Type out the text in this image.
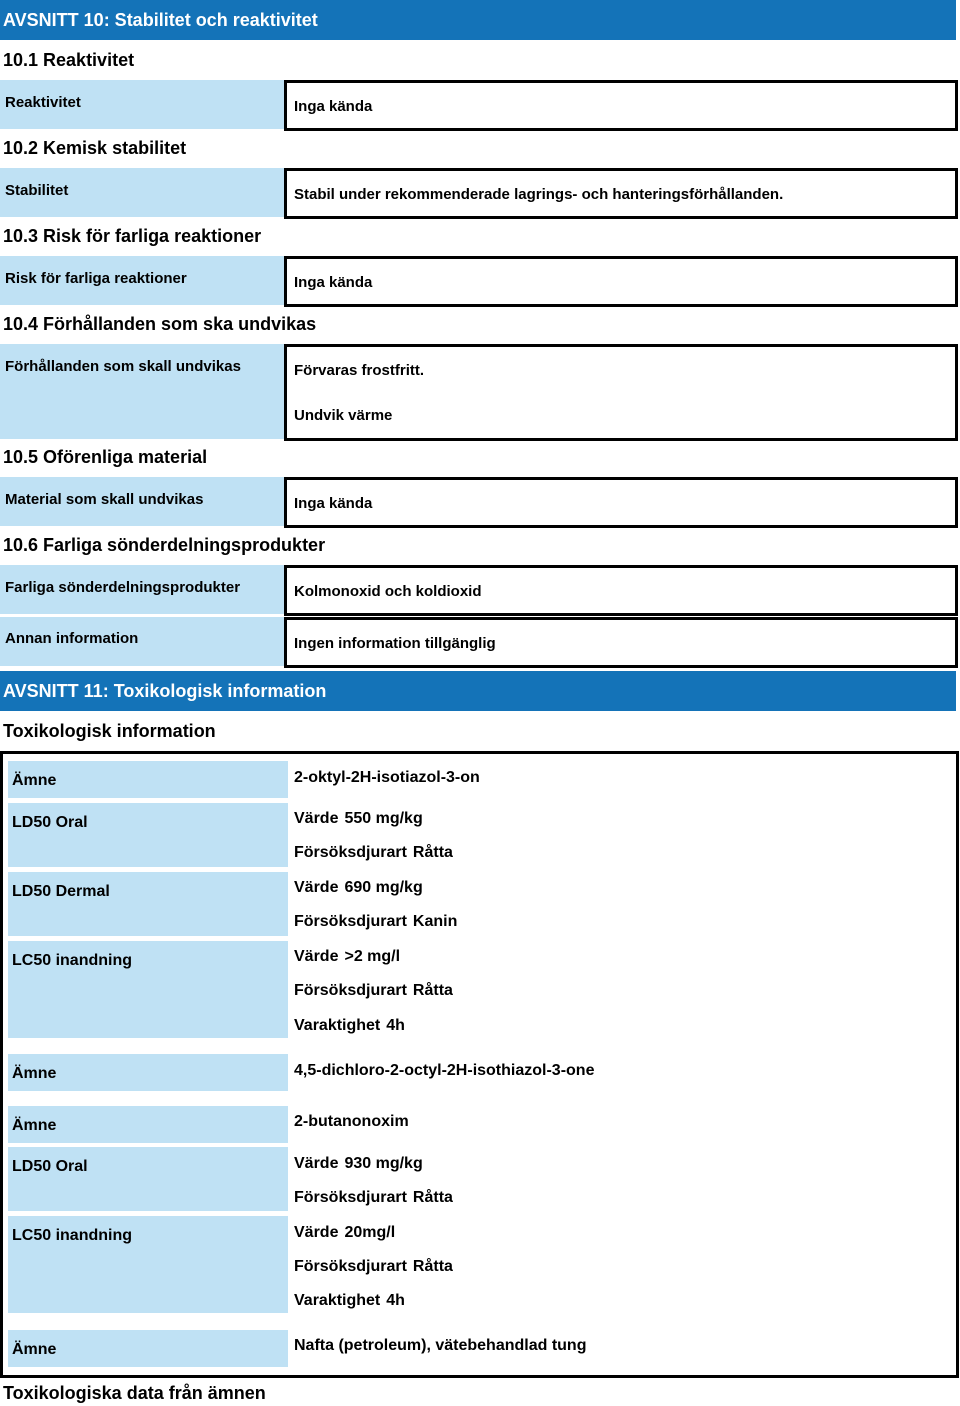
AVSNITT 10: Stabilitet och reaktivitet
10.1 Reaktivitet
Reaktivitet	Inga kända
10.2 Kemisk stabilitet
Stabilitet	Stabil under rekommenderade lagrings- och hanteringsförhållanden.
10.3 Risk för farliga reaktioner
Risk för farliga reaktioner	Inga kända
10.4 Förhållanden som ska undvikas
Förhållanden som skall undvikas	Förvaras frostfritt.
Undvik värme
10.5 Oförenliga material
Material som skall undvikas	Inga kända
10.6 Farliga sönderdelningsprodukter
Farliga sönderdelningsprodukter	Kolmonoxid och koldioxid
Annan information	Ingen information tillgänglig
AVSNITT 11: Toxikologisk information
Toxikologisk information
Ämne	2-oktyl-2H-isotiazol-3-on
LD50 Oral	Värde 550 mg/kg
Försöksdjurart Råtta
LD50 Dermal	Värde 690 mg/kg
Försöksdjurart Kanin
LC50 inandning	Värde >2 mg/l
Försöksdjurart Råtta
Varaktighet 4h
Ämne	4,5-dichloro-2-octyl-2H-isothiazol-3-one
Ämne	2-butanonoxim
LD50 Oral	Värde 930 mg/kg
Försöksdjurart Råtta
LC50 inandning	Värde 20mg/l
Försöksdjurart Råtta
Varaktighet 4h
Ämne	Nafta (petroleum), vätebehandlad tung
Toxikologiska data från ämnen
